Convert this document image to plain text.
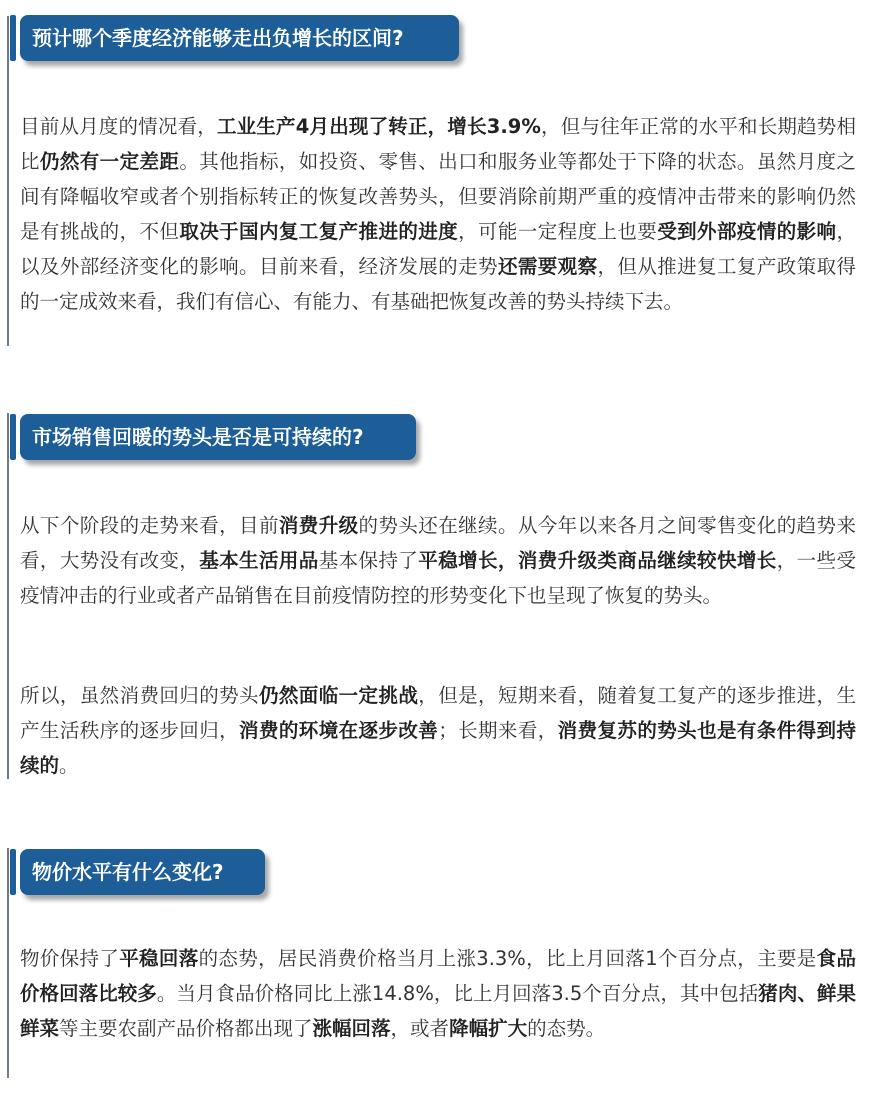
预计哪个季度经济能够走出负增长的区间?

目前从月度的情况看，工业生产4月出现了转正，增长3.9%，但与往年正常的水平和长期趋势相比仍然有一定差距。其他指标，如投资、零售、出口和服务业等都处于下降的状态。虽然月度之间有降幅收窄或者个别指标转正的恢复改善势头，但要消除前期严重的疫情冲击带来的影响仍然是有挑战的，不但取决于国内复工复产推进的进度，可能一定程度上也要受到外部疫情的影响，以及外部经济变化的影响。目前来看，经济发展的走势还需要观察，但从推进复工复产政策取得的一定成效来看，我们有信心、有能力、有基础把恢复改善的势头持续下去。

市场销售回暖的势头是否是可持续的?

从下个阶段的走势来看，目前消费升级的势头还在继续。从今年以来各月之间零售变化的趋势来看，大势没有改变，基本生活用品基本保持了平稳增长，消费升级类商品继续较快增长，一些受疫情冲击的行业或者产品销售在目前疫情防控的形势变化下也呈现了恢复的势头。

所以，虽然消费回归的势头仍然面临一定挑战，但是，短期来看，随着复工复产的逐步推进，生产生活秩序的逐步回归，消费的环境在逐步改善；长期来看，消费复苏的势头也是有条件得到持续的。

物价水平有什么变化?

物价保持了平稳回落的态势，居民消费价格当月上涨3.3%，比上月回落1个百分点，主要是食品价格回落比较多。当月食品价格同比上涨14.8%，比上月回落3.5个百分点，其中包括猪肉、鲜果鲜菜等主要农副产品价格都出现了涨幅回落，或者降幅扩大的态势。
